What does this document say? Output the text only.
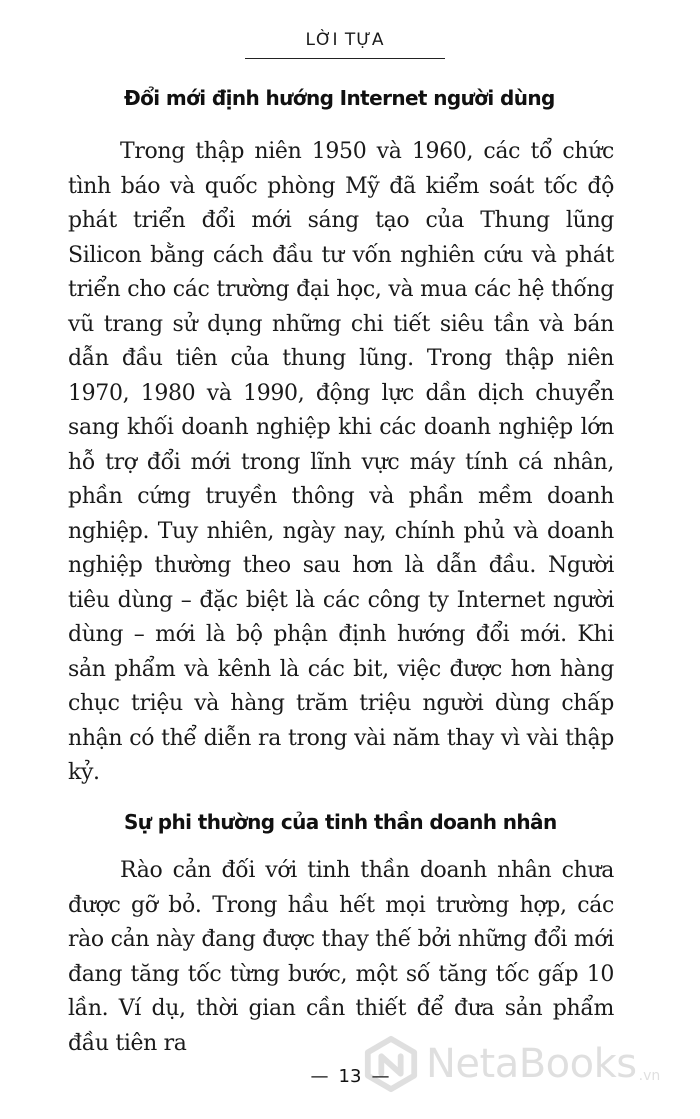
LỜI TỰA
Đổi mới định hướng Internet người dùng

Trong thập niên 1950 và 1960, các tổ chức tình báo và quốc phòng Mỹ đã kiểm soát tốc độ phát triển đổi mới sáng tạo của Thung lũng Silicon bằng cách đầu tư vốn nghiên cứu và phát triển cho các trường đại học, và mua các hệ thống vũ trang sử dụng những chi tiết siêu tần và bán dẫn đầu tiên của thung lũng. Trong thập niên 1970, 1980 và 1990, động lực dần dịch chuyển sang khối doanh nghiệp khi các doanh nghiệp lớn hỗ trợ đổi mới trong lĩnh vực máy tính cá nhân, phần cứng truyền thông và phần mềm doanh nghiệp. Tuy nhiên, ngày nay, chính phủ và doanh nghiệp thường theo sau hơn là dẫn đầu. Người tiêu dùng – đặc biệt là các công ty Internet người dùng – mới là bộ phận định hướng đổi mới. Khi sản phẩm và kênh là các bit, việc được hơn hàng chục triệu và hàng trăm triệu người dùng chấp nhận có thể diễn ra trong vài năm thay vì vài thập kỷ.

Sự phi thường của tinh thần doanh nhân

Rào cản đối với tinh thần doanh nhân chưa được gỡ bỏ. Trong hầu hết mọi trường hợp, các rào cản này đang được thay thế bởi những đổi mới đang tăng tốc từng bước, một số tăng tốc gấp 10 lần. Ví dụ, thời gian cần thiết để đưa sản phẩm đầu tiên ra

— 13 — NetaBooks .vn
